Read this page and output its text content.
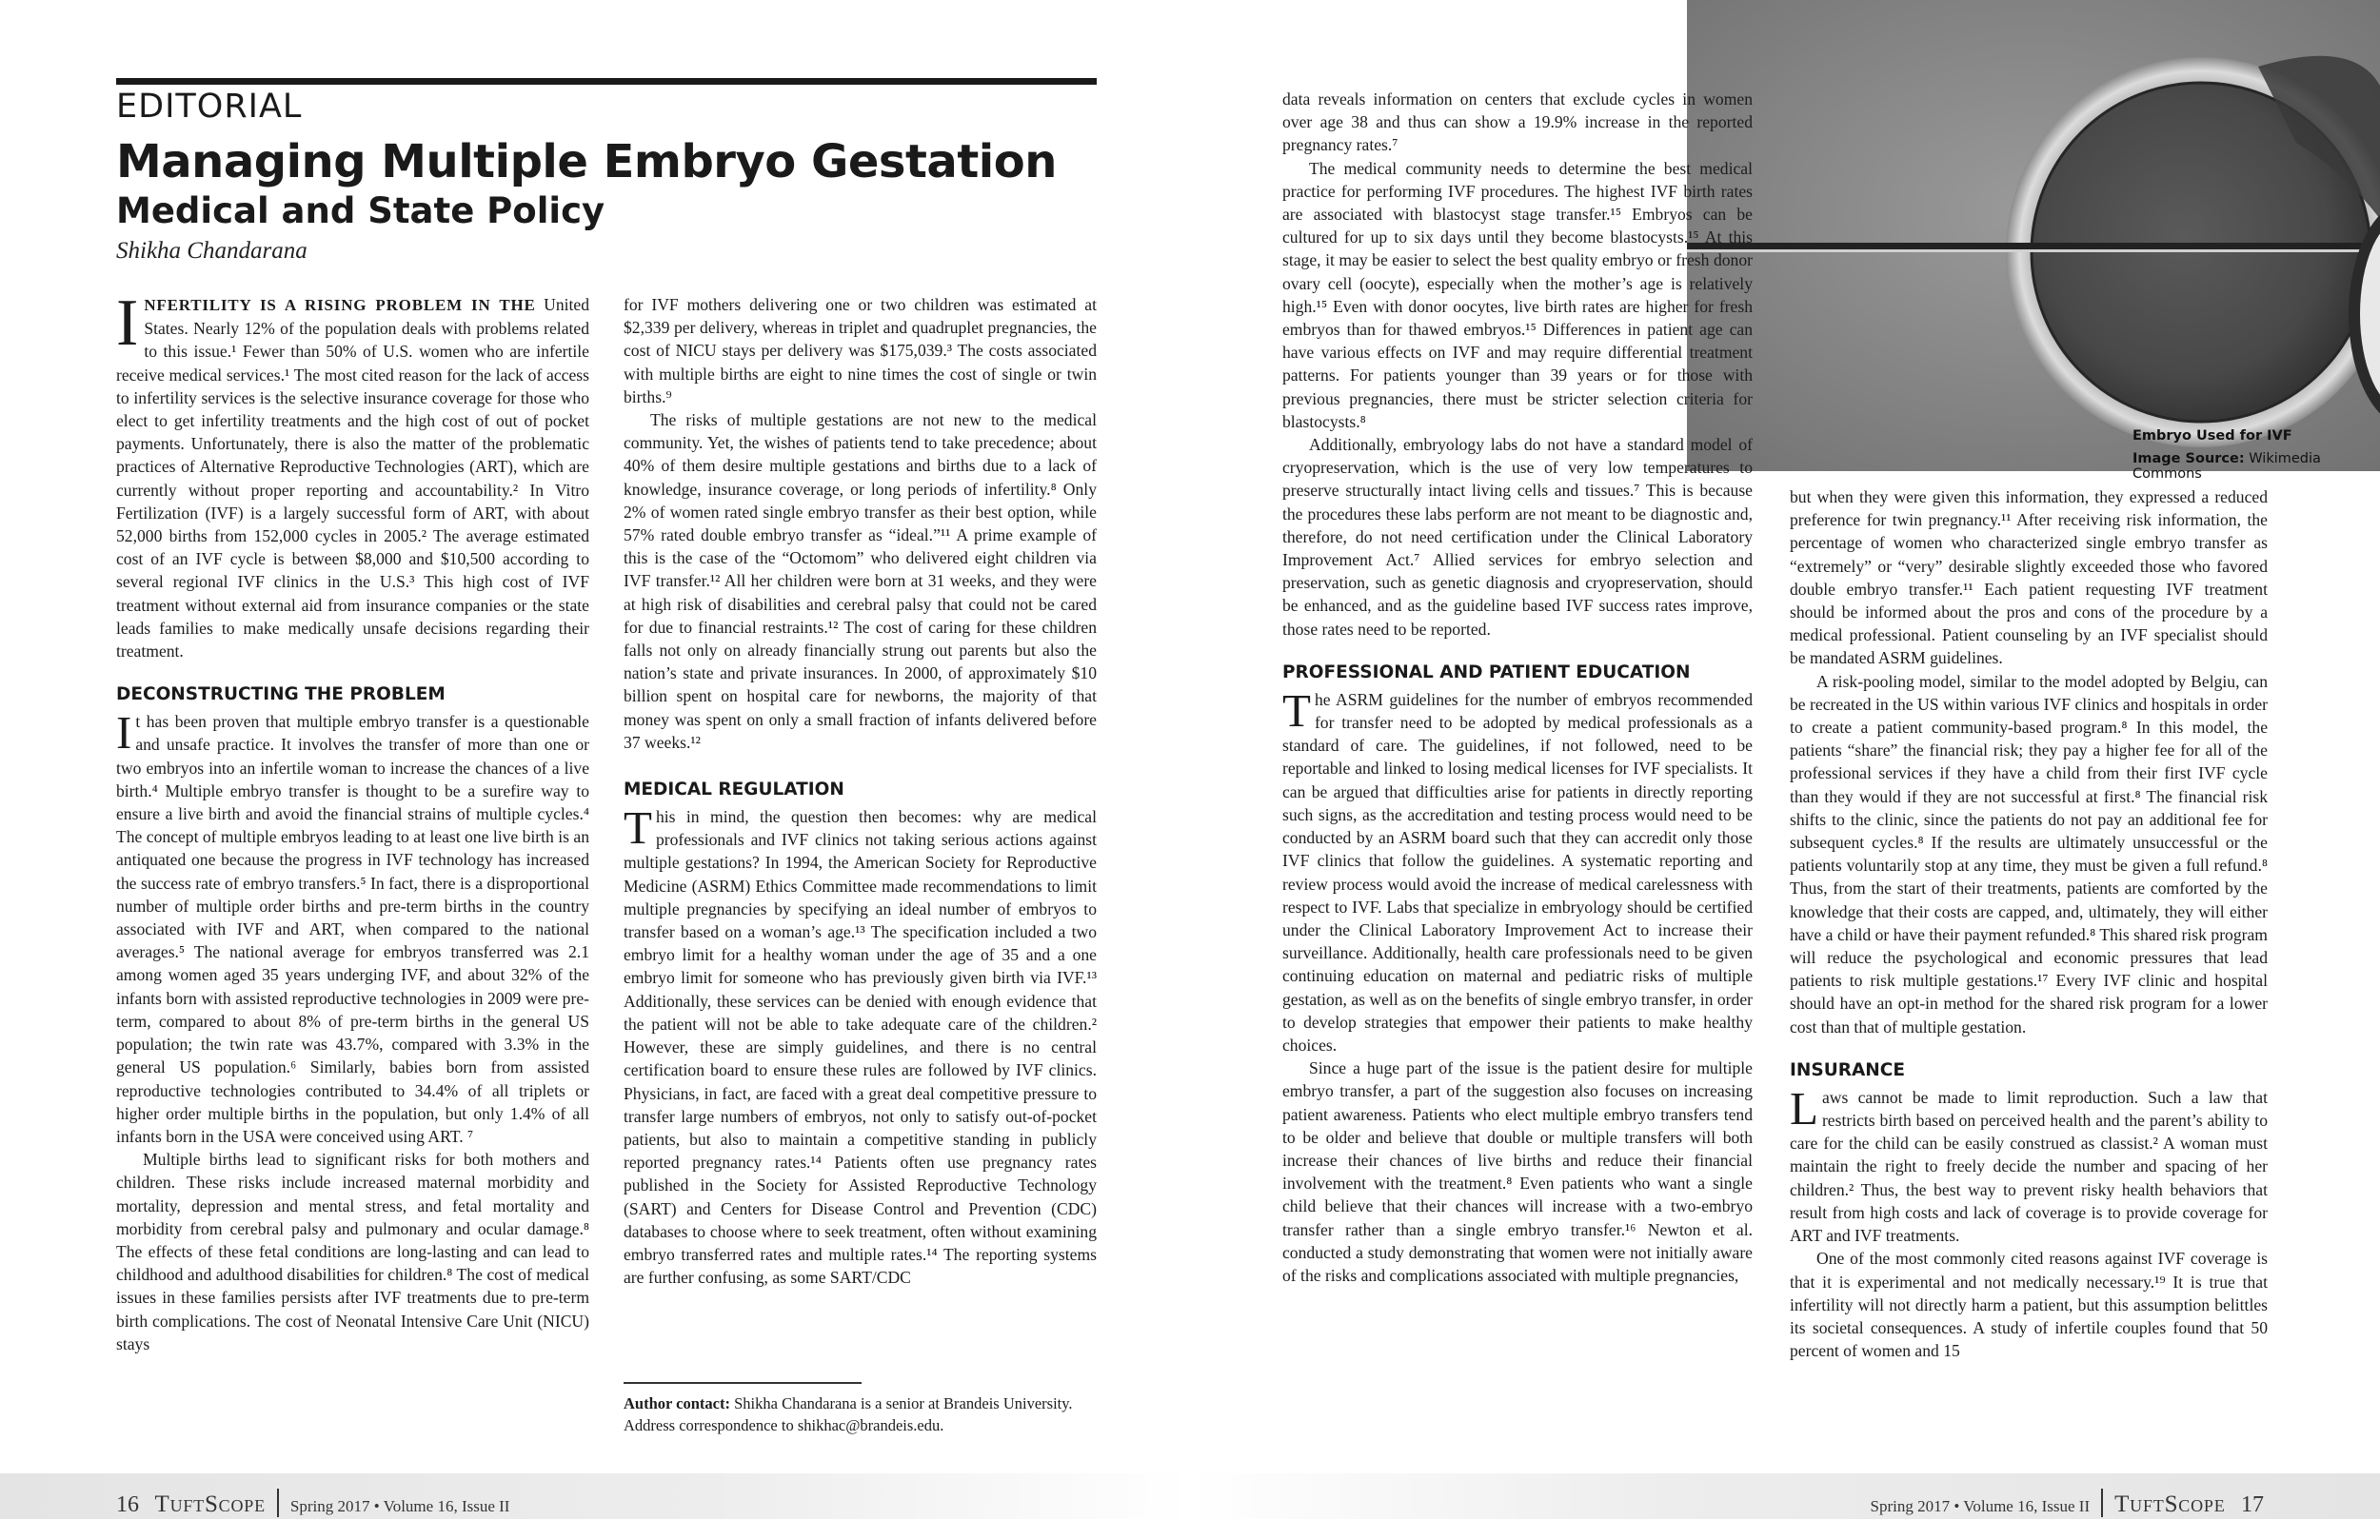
EDITORIAL
Managing Multiple Embryo Gestation
Medical and State Policy
Shikha Chandarana

INFERTILITY IS A RISING PROBLEM IN THE United States. Nearly 12% of the population deals with problems related to this issue.¹ Fewer than 50% of U.S. women who are infertile receive medical services.¹ The most cited reason for the lack of access to infertility services is the selective insurance coverage for those who elect to get infertility treatments and the high cost of out of pocket payments. Unfortunately, there is also the matter of the problematic practices of Alternative Reproductive Technologies (ART), which are currently without proper reporting and accountability.² In Vitro Fertilization (IVF) is a largely successful form of ART, with about 52,000 births from 152,000 cycles in 2005.² The average estimated cost of an IVF cycle is between $8,000 and $10,500 according to several regional IVF clinics in the U.S.³ This high cost of IVF treatment without external aid from insurance companies or the state leads families to make medically unsafe decisions regarding their treatment.

DECONSTRUCTING THE PROBLEM

It has been proven that multiple embryo transfer is a questionable and unsafe practice. It involves the transfer of more than one or two embryos into an infertile woman to increase the chances of a live birth.⁴ Multiple embryo transfer is thought to be a surefire way to ensure a live birth and avoid the financial strains of multiple cycles.⁴ The concept of multiple embryos leading to at least one live birth is an antiquated one because the progress in IVF technology has increased the success rate of embryo transfers.⁵ In fact, there is a disproportional number of multiple order births and pre-term births in the country associated with IVF and ART, when compared to the national averages.⁵ The national average for embryos transferred was 2.1 among women aged 35 years underging IVF, and about 32% of the infants born with assisted reproductive technologies in 2009 were pre-term, compared to about 8% of pre-term births in the general US population; the twin rate was 43.7%, compared with 3.3% in the general US population.⁶ Similarly, babies born from assisted reproductive technologies contributed to 34.4% of all triplets or higher order multiple births in the population, but only 1.4% of all infants born in the USA were conceived using ART. ⁷

Multiple births lead to significant risks for both mothers and children. These risks include increased maternal morbidity and mortality, depression and mental stress, and fetal mortality and morbidity from cerebral palsy and pulmonary and ocular damage.⁸ The effects of these fetal conditions are long-lasting and can lead to childhood and adulthood disabilities for children.⁸ The cost of medical issues in these families persists after IVF treatments due to pre-term birth complications. The cost of Neonatal Intensive Care Unit (NICU) stays

for IVF mothers delivering one or two children was estimated at $2,339 per delivery, whereas in triplet and quadruplet pregnancies, the cost of NICU stays per delivery was $175,039.³ The costs associated with multiple births are eight to nine times the cost of single or twin births.⁹

The risks of multiple gestations are not new to the medical community. Yet, the wishes of patients tend to take precedence; about 40% of them desire multiple gestations and births due to a lack of knowledge, insurance coverage, or long periods of infertility.⁸ Only 2% of women rated single embryo transfer as their best option, while 57% rated double embryo transfer as “ideal.”¹¹ A prime example of this is the case of the “Octomom” who delivered eight children via IVF transfer.¹² All her children were born at 31 weeks, and they were at high risk of disabilities and cerebral palsy that could not be cared for due to financial restraints.¹² The cost of caring for these children falls not only on already financially strung out parents but also the nation’s state and private insurances. In 2000, of approximately $10 billion spent on hospital care for newborns, the majority of that money was spent on only a small fraction of infants delivered before 37 weeks.¹²

MEDICAL REGULATION

This in mind, the question then becomes: why are medical professionals and IVF clinics not taking serious actions against multiple gestations? In 1994, the American Society for Reproductive Medicine (ASRM) Ethics Committee made recommendations to limit multiple pregnancies by specifying an ideal number of embryos to transfer based on a woman’s age.¹³ The specification included a two embryo limit for a healthy woman under the age of 35 and a one embryo limit for someone who has previously given birth via IVF.¹³ Additionally, these services can be denied with enough evidence that the patient will not be able to take adequate care of the children.² However, these are simply guidelines, and there is no central certification board to ensure these rules are followed by IVF clinics. Physicians, in fact, are faced with a great deal competitive pressure to transfer large numbers of embryos, not only to satisfy out-of-pocket patients, but also to maintain a competitive standing in publicly reported pregnancy rates.¹⁴ Patients often use pregnancy rates published in the Society for Assisted Reproductive Technology (SART) and Centers for Disease Control and Prevention (CDC) databases to choose where to seek treatment, often without examining embryo transferred rates and multiple rates.¹⁴ The reporting systems are further confusing, as some SART/CDC

Author contact: Shikha Chandarana is a senior at Brandeis University. Address correspondence to shikhac@brandeis.edu.
16
TuftScope Spring 2017 • Volume 16, Issue II
Embryo Used for IVF
Image Source: Wikimedia Commons

data reveals information on centers that exclude cycles in women over age 38 and thus can show a 19.9% increase in the reported pregnancy rates.⁷

The medical community needs to determine the best medical practice for performing IVF procedures. The highest IVF birth rates are associated with blastocyst stage transfer.¹⁵ Embryos can be cultured for up to six days until they become blastocysts.¹⁵ At this stage, it may be easier to select the best quality embryo or fresh donor ovary cell (oocyte), especially when the mother’s age is relatively high.¹⁵ Even with donor oocytes, live birth rates are higher for fresh embryos than for thawed embryos.¹⁵ Differences in patient age can have various effects on IVF and may require differential treatment patterns. For patients younger than 39 years or for those with previous pregnancies, there must be stricter selection criteria for blastocysts.⁸

Additionally, embryology labs do not have a standard model of cryopreservation, which is the use of very low temperatures to preserve structurally intact living cells and tissues.⁷ This is because the procedures these labs perform are not meant to be diagnostic and, therefore, do not need certification under the Clinical Laboratory Improvement Act.⁷ Allied services for embryo selection and preservation, such as genetic diagnosis and cryopreservation, should be enhanced, and as the guideline based IVF success rates improve, those rates need to be reported.

PROFESSIONAL AND PATIENT EDUCATION

The ASRM guidelines for the number of embryos recommended for transfer need to be adopted by medical professionals as a standard of care. The guidelines, if not followed, need to be reportable and linked to losing medical licenses for IVF specialists. It can be argued that difficulties arise for patients in directly reporting such signs, as the accreditation and testing process would need to be conducted by an ASRM board such that they can accredit only those IVF clinics that follow the guidelines. A systematic reporting and review process would avoid the increase of medical carelessness with respect to IVF. Labs that specialize in embryology should be certified under the Clinical Laboratory Improvement Act to increase their surveillance. Additionally, health care professionals need to be given continuing education on maternal and pediatric risks of multiple gestation, as well as on the benefits of single embryo transfer, in order to develop strategies that empower their patients to make healthy choices.

Since a huge part of the issue is the patient desire for multiple embryo transfer, a part of the suggestion also focuses on increasing patient awareness. Patients who elect multiple embryo transfers tend to be older and believe that double or multiple transfers will both increase their chances of live births and reduce their financial involvement with the treatment.⁸ Even patients who want a single child believe that their chances will increase with a two-embryo transfer rather than a single embryo transfer.¹⁶ Newton et al. conducted a study demonstrating that women were not initially aware of the risks and complications associated with multiple pregnancies,

but when they were given this information, they expressed a reduced preference for twin pregnancy.¹¹ After receiving risk information, the percentage of women who characterized single embryo transfer as “extremely” or “very” desirable slightly exceeded those who favored double embryo transfer.¹¹ Each patient requesting IVF treatment should be informed about the pros and cons of the procedure by a medical professional. Patient counseling by an IVF specialist should be mandated ASRM guidelines.

A risk-pooling model, similar to the model adopted by Belgiu, can be recreated in the US within various IVF clinics and hospitals in order to create a patient community-based program.⁸ In this model, the patients “share” the financial risk; they pay a higher fee for all of the professional services if they have a child from their first IVF cycle than they would if they are not successful at first.⁸ The financial risk shifts to the clinic, since the patients do not pay an additional fee for subsequent cycles.⁸ If the results are ultimately unsuccessful or the patients voluntarily stop at any time, they must be given a full refund.⁸ Thus, from the start of their treatments, patients are comforted by the knowledge that their costs are capped, and, ultimately, they will either have a child or have their payment refunded.⁸ This shared risk program will reduce the psychological and economic pressures that lead patients to risk multiple gestations.¹⁷ Every IVF clinic and hospital should have an opt-in method for the shared risk program for a lower cost than that of multiple gestation.

INSURANCE

Laws cannot be made to limit reproduction. Such a law that restricts birth based on perceived health and the parent’s ability to care for the child can be easily construed as classist.² A woman must maintain the right to freely decide the number and spacing of her children.² Thus, the best way to prevent risky health behaviors that result from high costs and lack of coverage is to provide coverage for ART and IVF treatments.

One of the most commonly cited reasons against IVF coverage is that it is experimental and not medically necessary.¹⁹ It is true that infertility will not directly harm a patient, but this assumption belittles its societal consequences. A study of infertile couples found that 50 percent of women and 15

Spring 2017 • Volume 16, Issue II TuftScope
17
